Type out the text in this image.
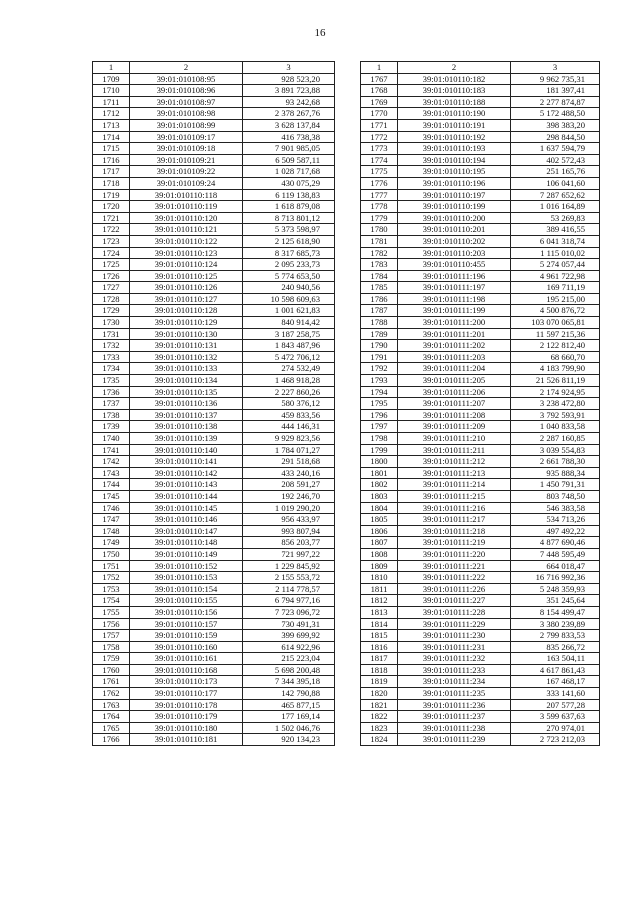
16
1	2	3
1709	39:01:010108:95	928 523,20
1710	39:01:010108:96	3 891 723,88
1711	39:01:010108:97	93 242,68
1712	39:01:010108:98	2 378 267,76
1713	39:01:010108:99	3 628 137,84
1714	39:01:010109:17	416 738,38
1715	39:01:010109:18	7 901 985,05
1716	39:01:010109:21	6 509 587,11
1717	39:01:010109:22	1 028 717,68
1718	39:01:010109:24	430 075,29
1719	39:01:010110:118	6 119 138,83
1720	39:01:010110:119	1 618 879,08
1721	39:01:010110:120	8 713 801,12
1722	39:01:010110:121	5 373 598,97
1723	39:01:010110:122	2 125 618,90
1724	39:01:010110:123	8 317 685,73
1725	39:01:010110:124	2 095 233,73
1726	39:01:010110:125	5 774 653,50
1727	39:01:010110:126	240 940,56
1728	39:01:010110:127	10 598 609,63
1729	39:01:010110:128	1 001 621,83
1730	39:01:010110:129	840 914,42
1731	39:01:010110:130	3 187 258,75
1732	39:01:010110:131	1 843 487,96
1733	39:01:010110:132	5 472 706,12
1734	39:01:010110:133	274 532,49
1735	39:01:010110:134	1 468 918,28
1736	39:01:010110:135	2 227 860,26
1737	39:01:010110:136	580 376,12
1738	39:01:010110:137	459 833,56
1739	39:01:010110:138	444 146,31
1740	39:01:010110:139	9 929 823,56
1741	39:01:010110:140	1 784 071,27
1742	39:01:010110:141	291 518,68
1743	39:01:010110:142	433 240,16
1744	39:01:010110:143	208 591,27
1745	39:01:010110:144	192 246,70
1746	39:01:010110:145	1 019 290,20
1747	39:01:010110:146	956 433,97
1748	39:01:010110:147	993 807,94
1749	39:01:010110:148	856 203,77
1750	39:01:010110:149	721 997,22
1751	39:01:010110:152	1 229 845,92
1752	39:01:010110:153	2 155 553,72
1753	39:01:010110:154	2 114 778,57
1754	39:01:010110:155	6 794 977,16
1755	39:01:010110:156	7 723 096,72
1756	39:01:010110:157	730 491,31
1757	39:01:010110:159	399 699,92
1758	39:01:010110:160	614 922,96
1759	39:01:010110:161	215 223,04
1760	39:01:010110:168	5 698 200,48
1761	39:01:010110:173	7 344 395,18
1762	39:01:010110:177	142 790,88
1763	39:01:010110:178	465 877,15
1764	39:01:010110:179	177 169,14
1765	39:01:010110:180	1 502 046,76
1766	39:01:010110:181	920 134,23
1	2	3
1767	39:01:010110:182	9 962 735,31
1768	39:01:010110:183	181 397,41
1769	39:01:010110:188	2 277 874,87
1770	39:01:010110:190	5 172 488,50
1771	39:01:010110:191	398 383,20
1772	39:01:010110:192	298 844,50
1773	39:01:010110:193	1 637 594,79
1774	39:01:010110:194	402 572,43
1775	39:01:010110:195	251 165,76
1776	39:01:010110:196	106 041,60
1777	39:01:010110:197	7 287 652,62
1778	39:01:010110:199	1 016 164,89
1779	39:01:010110:200	53 269,83
1780	39:01:010110:201	389 416,55
1781	39:01:010110:202	6 041 318,74
1782	39:01:010110:203	1 115 010,02
1783	39:01:010110:455	5 274 057,44
1784	39:01:010111:196	4 961 722,98
1785	39:01:010111:197	169 711,19
1786	39:01:010111:198	195 215,00
1787	39:01:010111:199	4 500 876,72
1788	39:01:010111:200	103 070 065,81
1789	39:01:010111:201	11 597 215,36
1790	39:01:010111:202	2 122 812,40
1791	39:01:010111:203	68 660,70
1792	39:01:010111:204	4 183 799,90
1793	39:01:010111:205	21 526 811,19
1794	39:01:010111:206	2 174 924,95
1795	39:01:010111:207	3 238 472,80
1796	39:01:010111:208	3 792 593,91
1797	39:01:010111:209	1 040 833,58
1798	39:01:010111:210	2 287 160,85
1799	39:01:010111:211	3 039 554,83
1800	39:01:010111:212	2 661 788,30
1801	39:01:010111:213	935 888,34
1802	39:01:010111:214	1 450 791,31
1803	39:01:010111:215	803 748,50
1804	39:01:010111:216	546 383,58
1805	39:01:010111:217	534 713,26
1806	39:01:010111:218	497 492,22
1807	39:01:010111:219	4 877 690,46
1808	39:01:010111:220	7 448 595,49
1809	39:01:010111:221	664 018,47
1810	39:01:010111:222	16 716 992,36
1811	39:01:010111:226	5 248 359,93
1812	39:01:010111:227	351 245,64
1813	39:01:010111:228	8 154 499,47
1814	39:01:010111:229	3 380 239,89
1815	39:01:010111:230	2 799 833,53
1816	39:01:010111:231	835 266,72
1817	39:01:010111:232	163 504,11
1818	39:01:010111:233	4 617 861,43
1819	39:01:010111:234	167 468,17
1820	39:01:010111:235	333 141,60
1821	39:01:010111:236	207 577,28
1822	39:01:010111:237	3 599 637,63
1823	39:01:010111:238	270 974,01
1824	39:01:010111:239	2 723 212,03
